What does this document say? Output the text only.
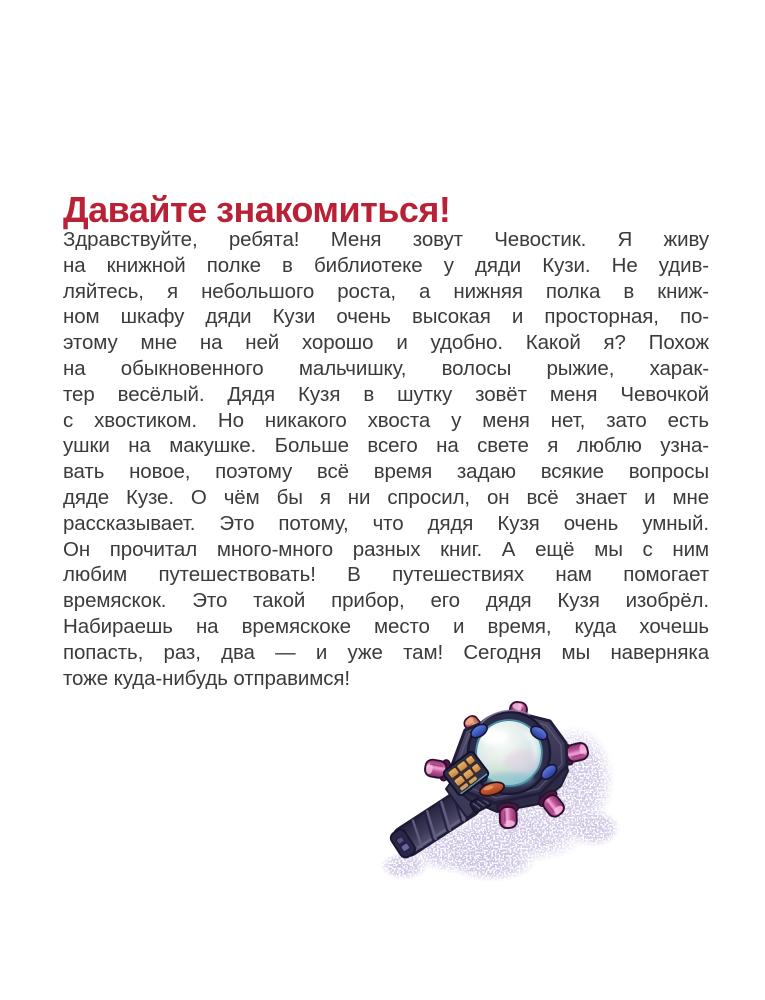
Давайте знакомиться!
Здравствуйте, ребята! Меня зовут Чевостик. Я живу
на книжной полке в библиотеке у дяди Кузи. Не удив-
ляйтесь, я небольшого роста, а нижняя полка в книж-
ном шкафу дяди Кузи очень высокая и просторная, по-
этому мне на ней хорошо и удобно. Какой я? Похож
на обыкновенного мальчишку, волосы рыжие, харак-
тер весёлый. Дядя Кузя в шутку зовёт меня Чевочкой
с хвостиком. Но никакого хвоста у меня нет, зато есть
ушки на макушке. Больше всего на свете я люблю узна-
вать новое, поэтому всё время задаю всякие вопросы
дяде Кузе. О чём бы я ни спросил, он всё знает и мне
рассказывает. Это потому, что дядя Кузя очень умный.
Он прочитал много-много разных книг. А ещё мы с ним
любим путешествовать! В путешествиях нам помогает
времяскок. Это такой прибор, его дядя Кузя изобрёл.
Набираешь на времяскоке место и время, куда хочешь
попасть, раз, два — и уже там! Сегодня мы наверняка
тоже куда-нибудь отправимся!
